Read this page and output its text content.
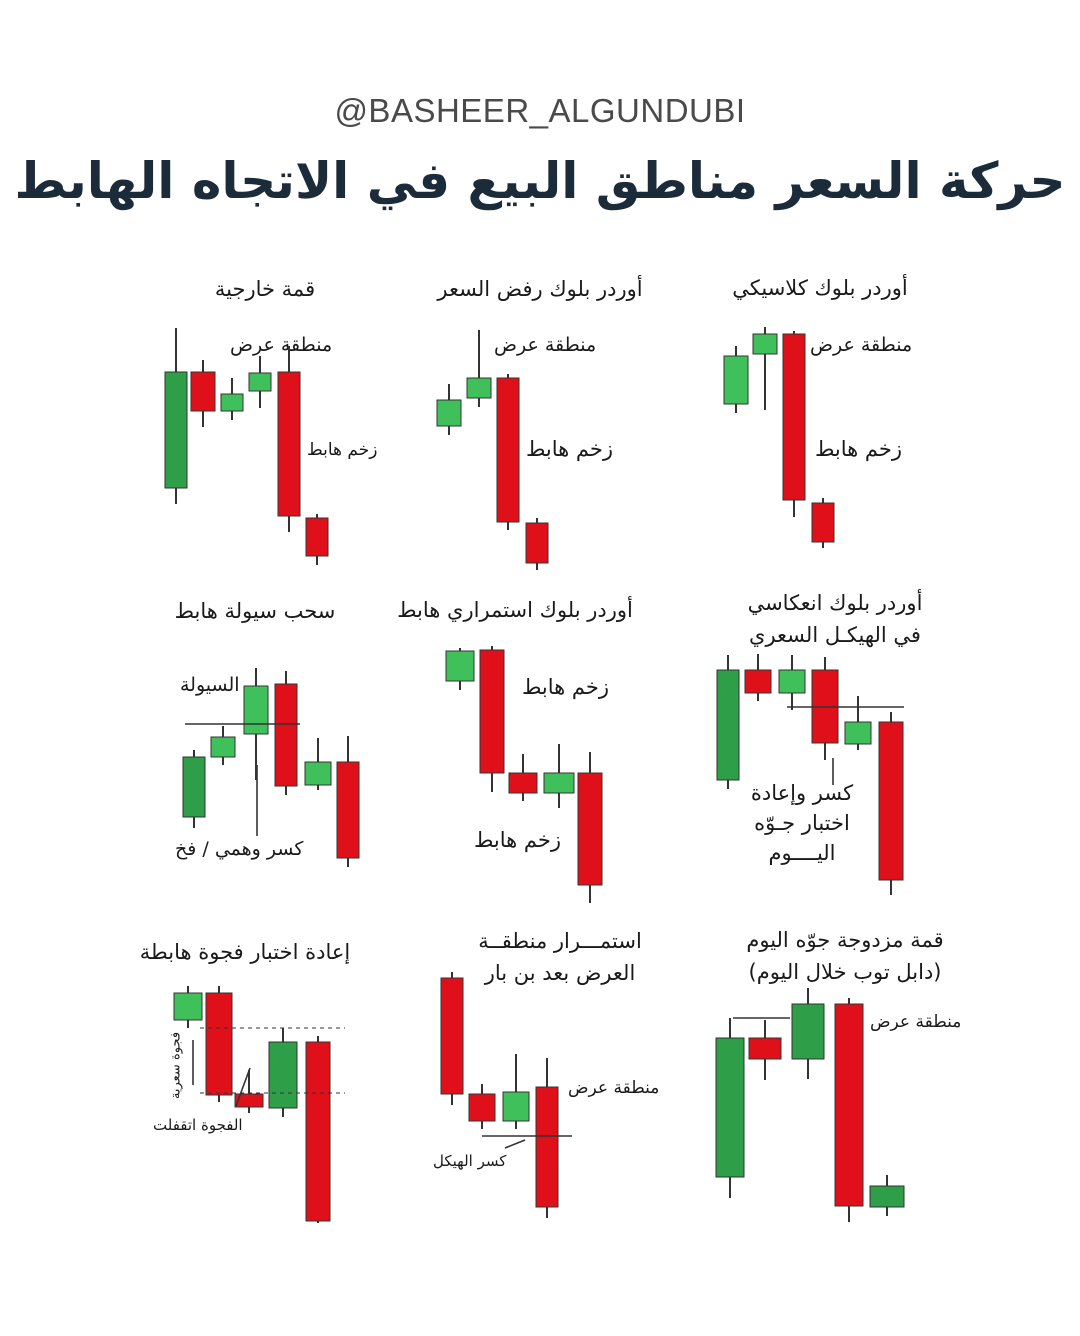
@BASHEER_ALGUNDUBI
حركة السعر مناطق البيع في الاتجاه الهابط
قمة خارجية	أوردر بلوك رفض السعر	أوردر بلوك كلاسيكي
سحب سيولة هابط	أوردر بلوك استمراري هابط	أوردر بلوك انعكاسي في الهيكـل السعري
إعادة اختبار فجوة هابطة	استمـــرار منطقــة العرض بعد بن بار
قمة مزدوجة جوّه اليوم (دابل توب خلال اليوم)
منطقة عرض
زخم هابط
منطقة عرض
زخم هابط
منطقة عرض
زخم هابط
السيولة
كسر وهمي / فخ
زخم هابط
زخم هابط
كسر وإعادة اختبار جـوّه اليــــوم
فجوة سعرية
الفجوة اتقفلت
منطقة عرض
كسر الهيكل
منطقة عرض
